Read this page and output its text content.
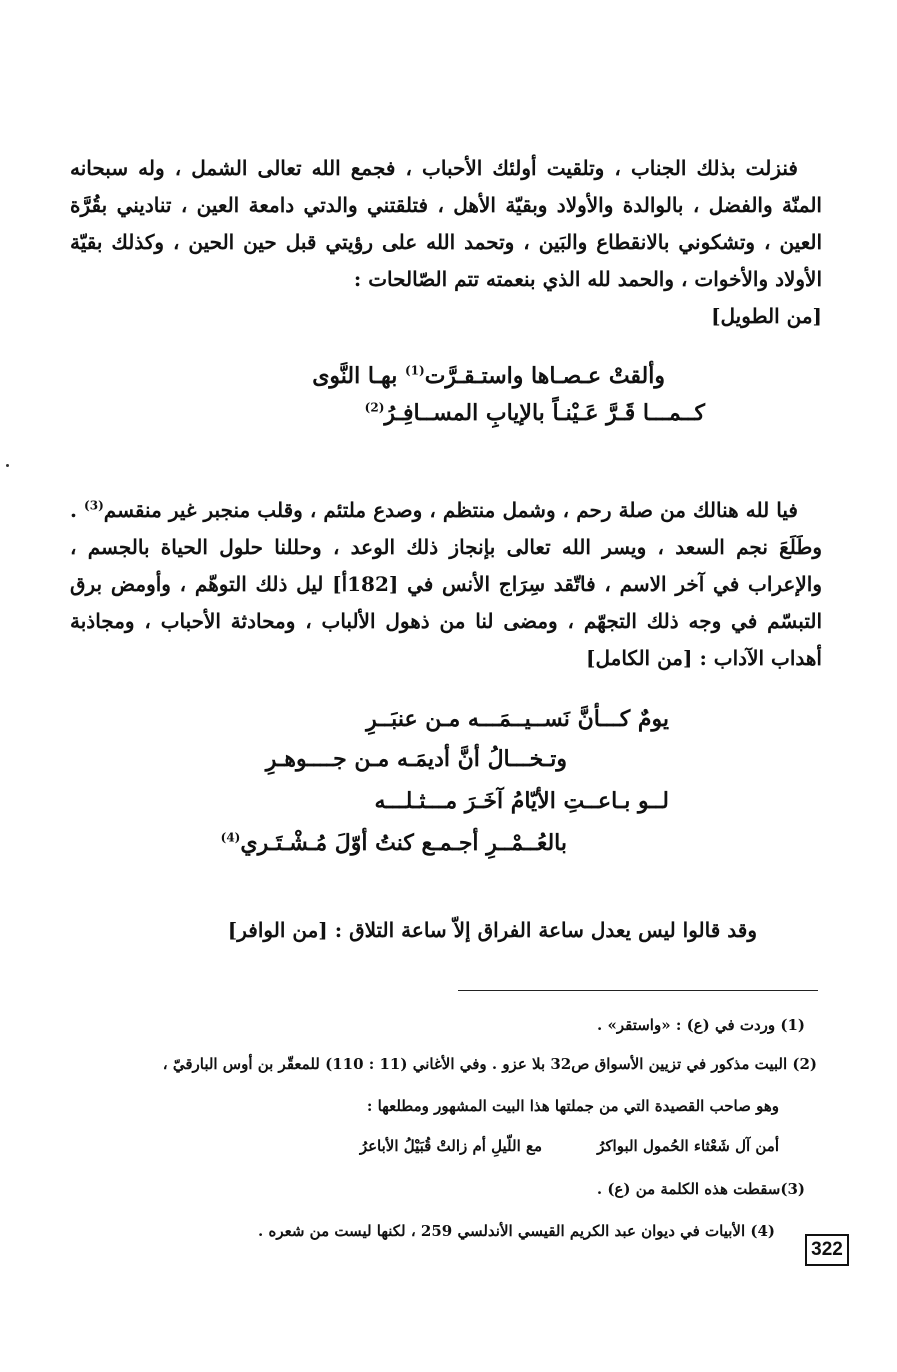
فنزلت بذلك الجناب ، وتلقيت أولئك الأحباب ، فجمع الله تعالى الشمل ، وله سبحانه المنّة والفضل ، بالوالدة والأولاد وبقيّة الأهل ، فتلقتني والدتي دامعة العين ، تناديني بقُرَّة العين ، وتشكوني بالانقطاع والبَين ، وتحمد الله على رؤيتي قبل حين الحين ، وكذلك بقيّة الأولاد والأخوات ، والحمد لله الذي بنعمته تتم الصّالحات :

[من الطويل]
وألقتْ عـصـاها واستـقـرَّت$^{(1)}$ بهـا النَّوى
كــمـــا قَـرَّ عَـيْنـاً بالإيابِ المســافِـرُ$^{(2)}$

فيا لله هنالك من صلة رحم ، وشمل منتظم ، وصدع ملتئم ، وقلب منجبر غير منقسم$^{(3)}$ . وطَلَعَ نجم السعد ، ويسر الله تعالى بإنجاز ذلك الوعد ، وحللنا حلول الحياة بالجسم ، والإعراب في آخر الاسم ، فاتّقد سِرَاج الأنس في [182أ] ليل ذلك التوهّم ، وأومض برق التبسّم في وجه ذلك التجهّم ، ومضى لنا من ذهول الألباب ، ومحادثة الأحباب ، ومجاذبة أهداب الآداب : [من الكامل]

يومٌ كـــأنَّ نَســيــمَـــه مـن عنبَــرِ
وتـخـــالُ أنَّ أديمَـه مـن جــــوهـرِ
لــو بـاعــتِ الأيّامُ آخَـرَ مـــثـلـــه
بالعُــمْــرِ أجـمـع كنتُ أوّلَ مُـشْـتَـري$^{(4)}$
وقد قالوا ليس يعدل ساعة الفراق إلاّ ساعة التلاق : [من الوافر]
(1) وردت في (ع) : «واستقر» .
(2) البيت مذكور في تزيين الأسواق ص32 بلا عزو . وفي الأغاني (11 : 110) للمعقّر بن أوس البارقيّ ،
وهو صاحب القصيدة التي من جملتها هذا البيت المشهور ومطلعها :
أمن آل شَعْثاء الحُمول البواكرُ
مع اللّيلِ أم زالتْ قُبَيْلُ الأباعرُ
(3)سقطت هذه الكلمة من (ع) .
(4) الأبيات في ديوان عبد الكريم القيسي الأندلسي 259 ، لكنها ليست من شعره .
322
